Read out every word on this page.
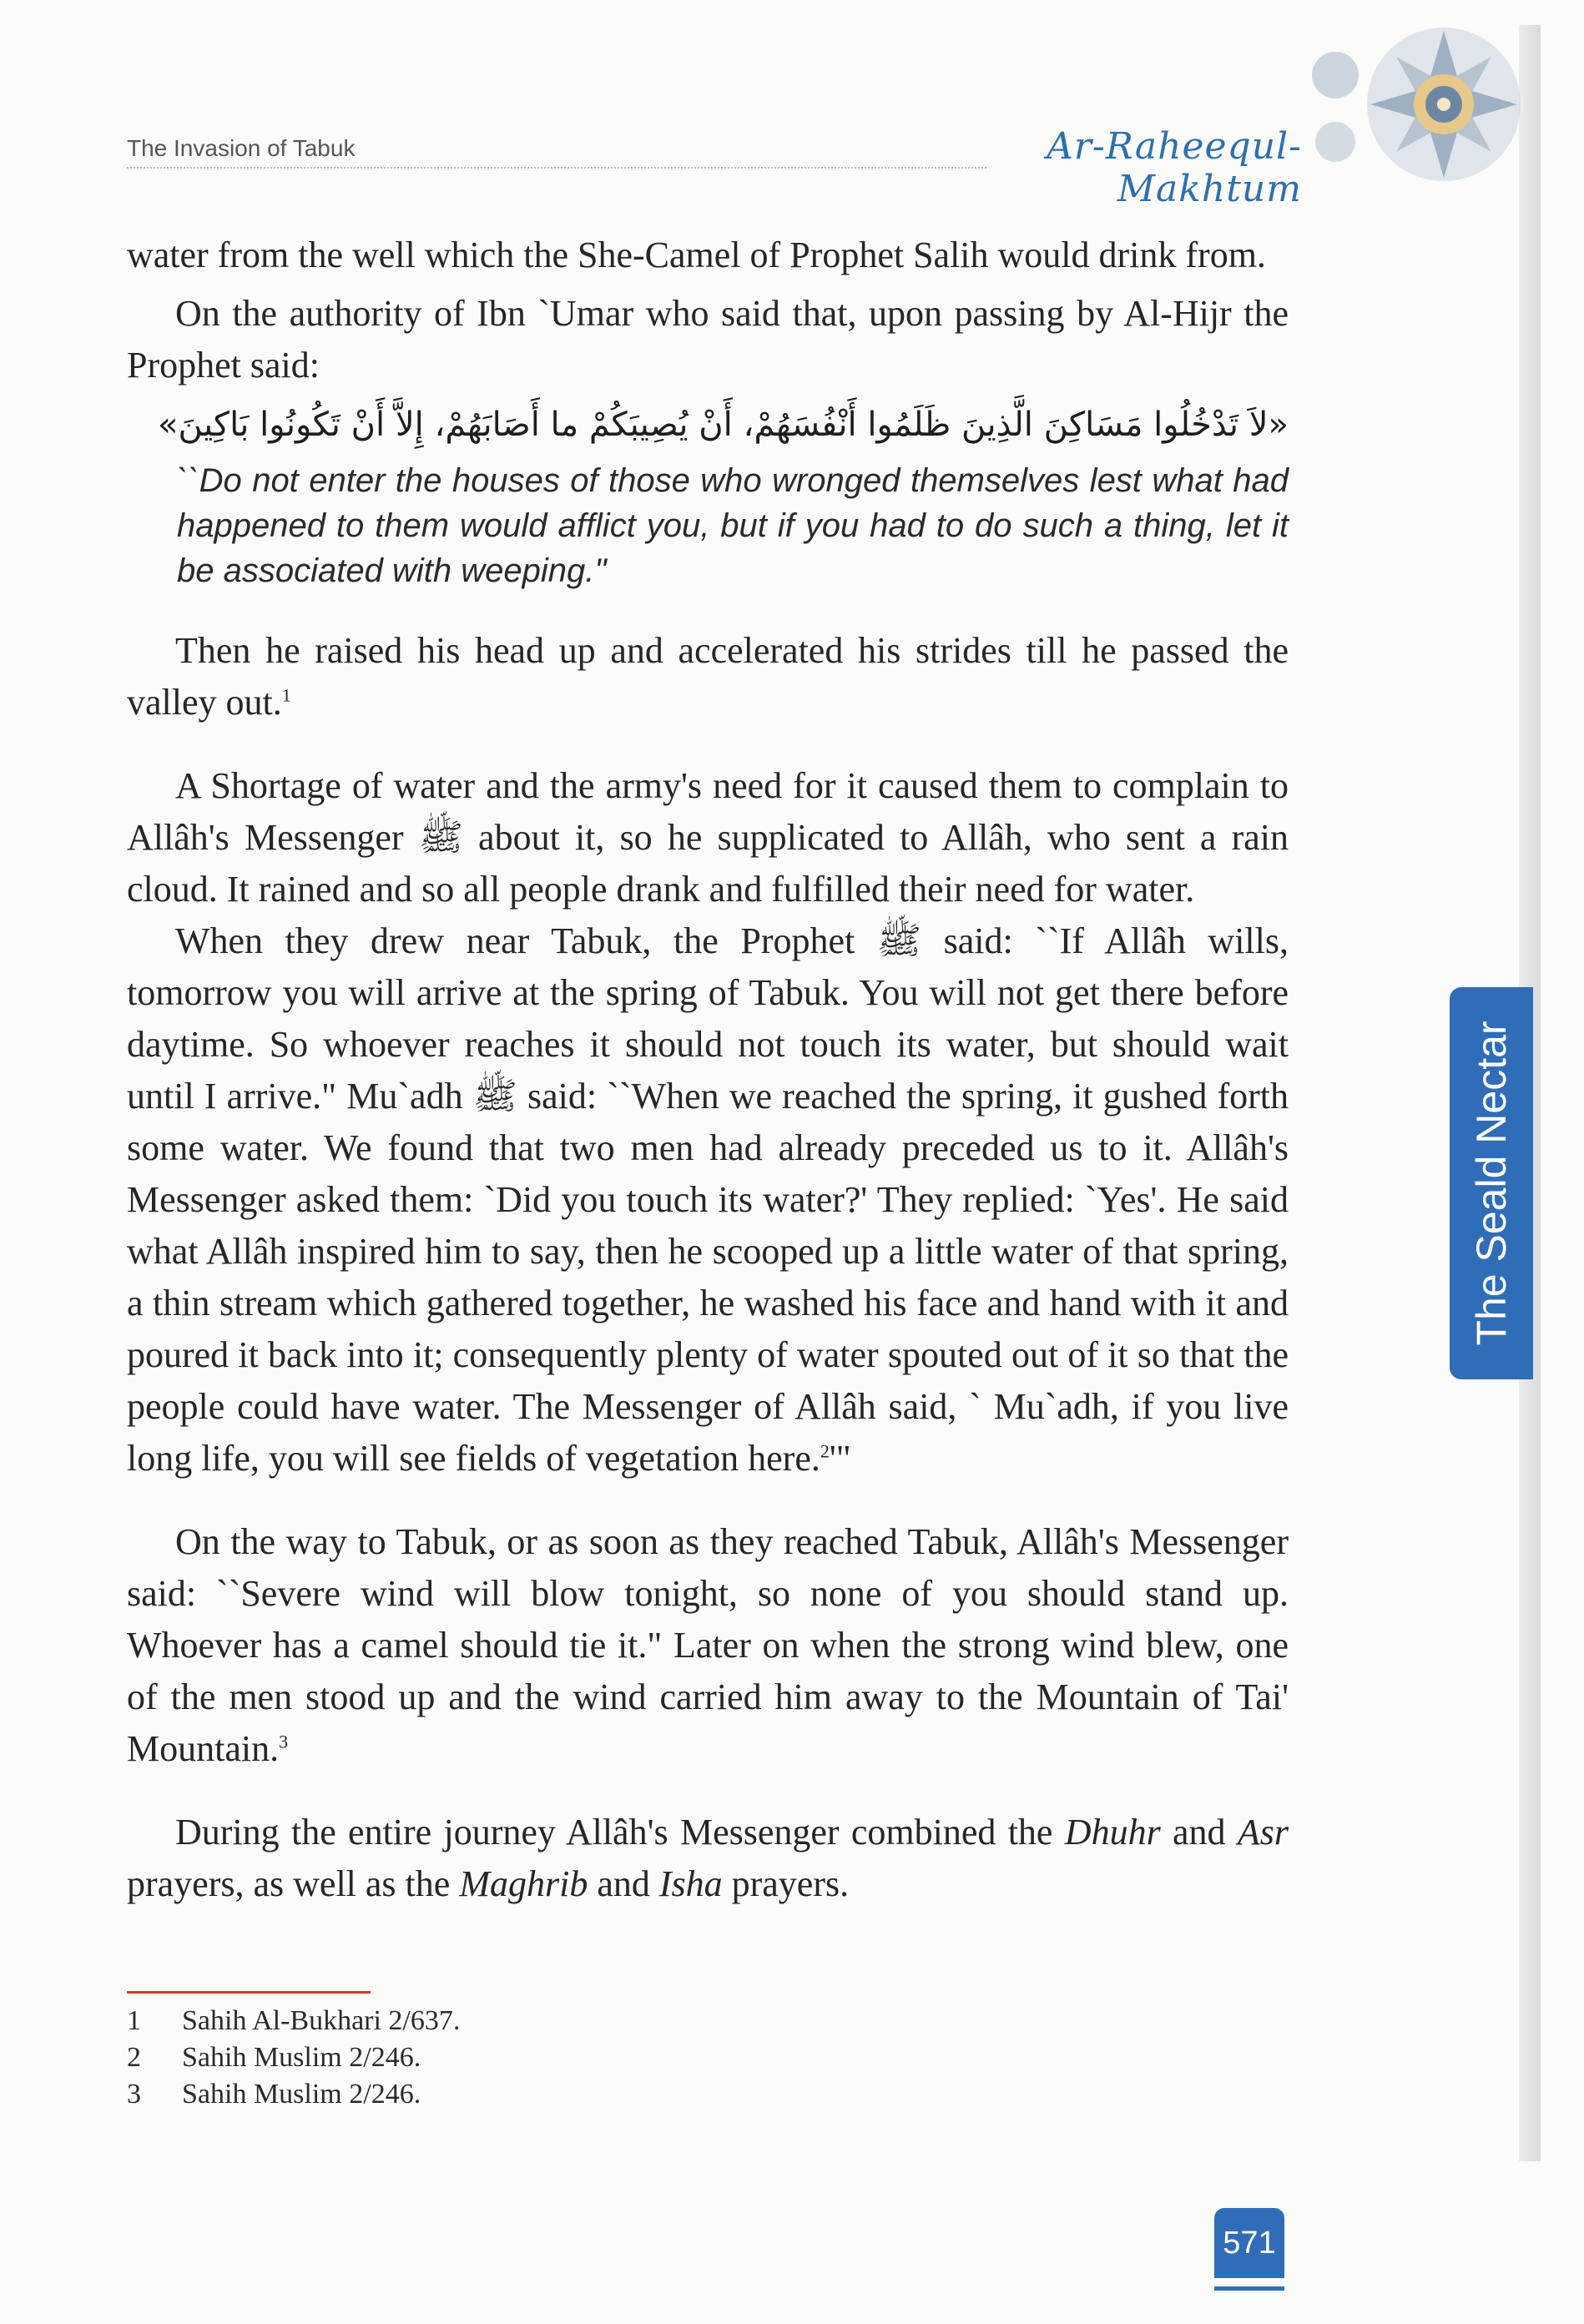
The Invasion of Tabuk	Ar-Raheequl-Makhtum

water from the well which the She-Camel of Prophet Salih would drink from.

On the authority of Ibn `Umar who said that, upon passing by Al-Hijr the Prophet said:

«لاَ تَدْخُلُوا مَسَاكِنَ الَّذِينَ ظَلَمُوا أَنْفُسَهُمْ، أَنْ يُصِيبَكُمْ ما أَصَابَهُمْ، إِلاَّ أَنْ تَكُونُوا بَاكِينَ»

``Do not enter the houses of those who wronged themselves lest what had happened to them would afflict you, but if you had to do such a thing, let it be associated with weeping."

Then he raised his head up and accelerated his strides till he passed the valley out.$^1$

A Shortage of water and the army's need for it caused them to complain to Allâh's Messenger ﷺ about it, so he supplicated to Allâh, who sent a rain cloud. It rained and so all people drank and fulfilled their need for water.

When they drew near Tabuk, the Prophet ﷺ said: ``If Allâh wills, tomorrow you will arrive at the spring of Tabuk. You will not get there before daytime. So whoever reaches it should not touch its water, but should wait until I arrive." Mu`adh ﷺ said: ``When we reached the spring, it gushed forth some water. We found that two men had already preceded us to it. Allâh's Messenger asked them: `Did you touch its water?' They replied: `Yes'. He said what Allâh inspired him to say, then he scooped up a little water of that spring, a thin stream which gathered together, he washed his face and hand with it and poured it back into it; consequently plenty of water spouted out of it so that the people could have water. The Messenger of Allâh said, ` Mu`adh, if you live long life, you will see fields of vegetation here.$^2$'"

On the way to Tabuk, or as soon as they reached Tabuk, Allâh's Messenger said: ``Severe wind will blow tonight, so none of you should stand up. Whoever has a camel should tie it." Later on when the strong wind blew, one of the men stood up and the wind carried him away to the Mountain of Tai' Mountain.$^3$

During the entire journey Allâh's Messenger combined the Dhuhr and Asr prayers, as well as the Maghrib and Isha prayers.

1	Sahih Al-Bukhari 2/637.
2	Sahih Muslim 2/246.
3	Sahih Muslim 2/246.
The Seald Nectar
571
